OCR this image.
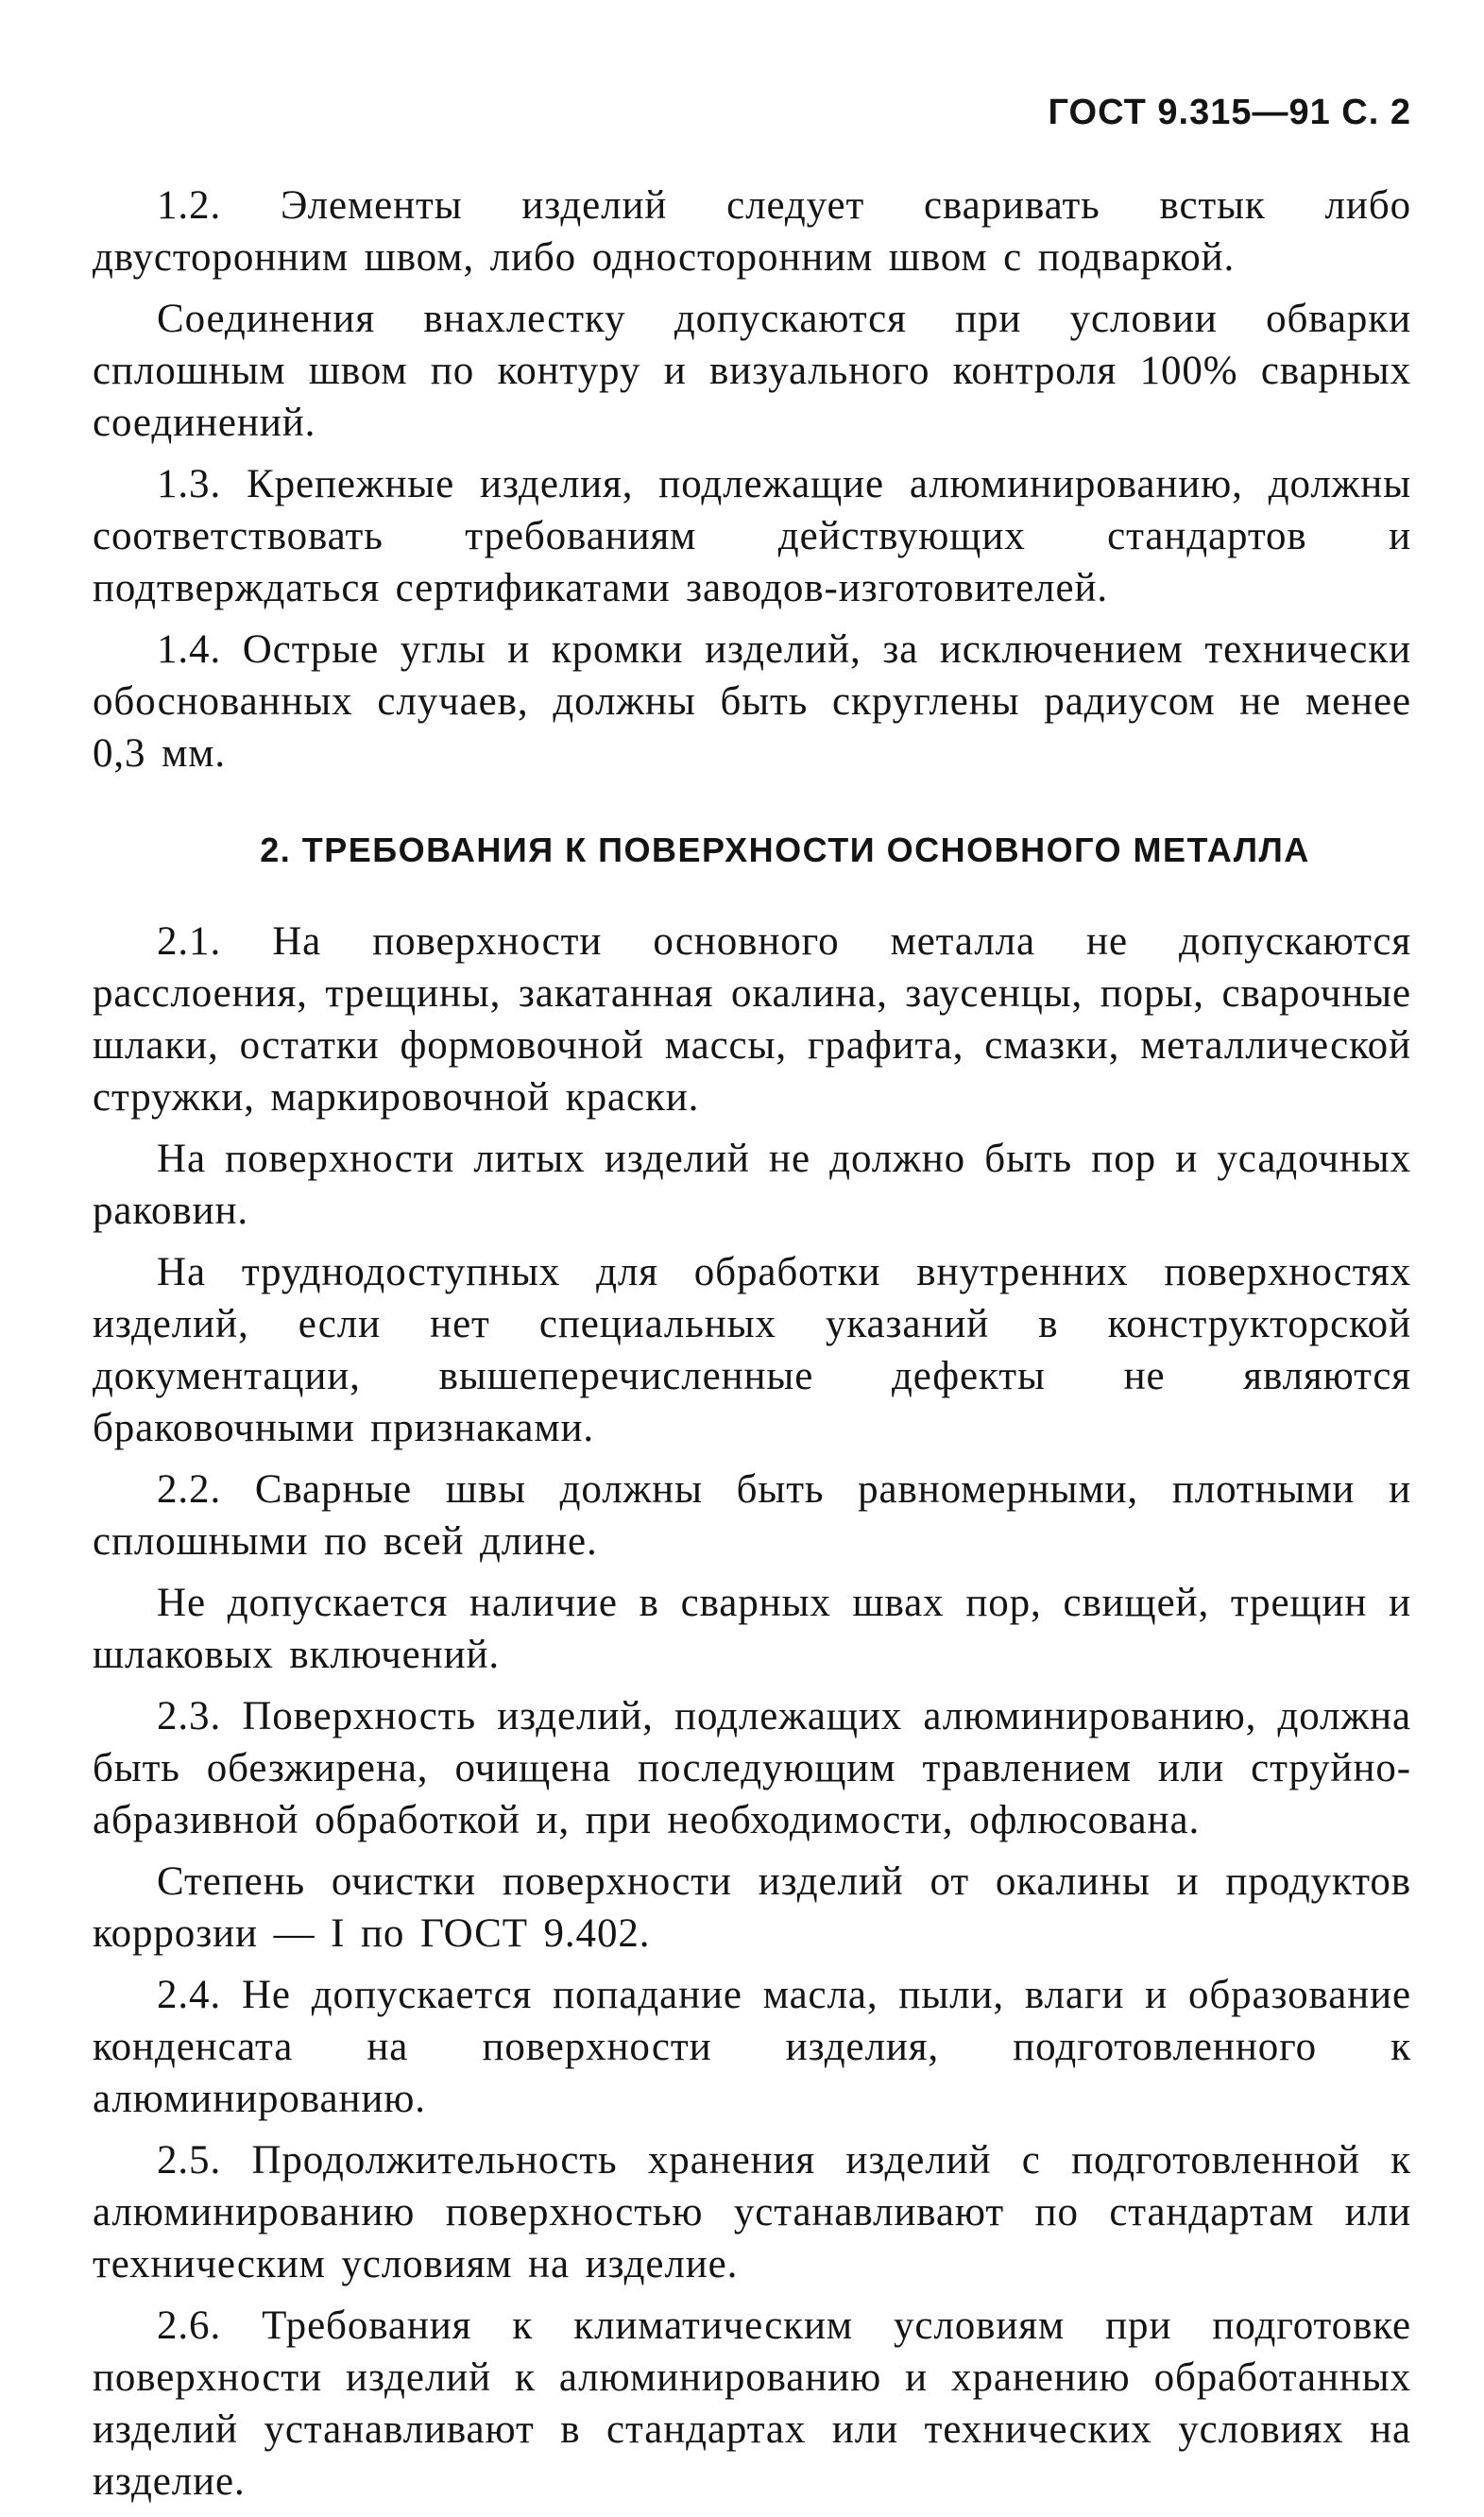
ГОСТ 9.315—91 С. 2

1.2. Элементы изделий следует сваривать встык либо двусторонним швом, либо односторонним швом с подваркой.

Соединения внахлестку допускаются при условии обварки сплошным швом по контуру и визуального контроля 100% сварных соединений.

1.3. Крепежные изделия, подлежащие алюминированию, должны соответствовать требованиям действующих стандартов и подтверждаться сертификатами заводов-изготовителей.

1.4. Острые углы и кромки изделий, за исключением технически обоснованных случаев, должны быть скруглены радиусом не менее 0,3 мм.

2. ТРЕБОВАНИЯ К ПОВЕРХНОСТИ ОСНОВНОГО МЕТАЛЛА

2.1. На поверхности основного металла не допускаются расслоения, трещины, закатанная окалина, заусенцы, поры, сварочные шлаки, остатки формовочной массы, графита, смазки, металлической стружки, маркировочной краски.

На поверхности литых изделий не должно быть пор и усадочных раковин.

На труднодоступных для обработки внутренних поверхностях изделий, если нет специальных указаний в конструкторской документации, вышеперечисленные дефекты не являются браковочными признаками.

2.2. Сварные швы должны быть равномерными, плотными и сплошными по всей длине.

Не допускается наличие в сварных швах пор, свищей, трещин и шлаковых включений.

2.3. Поверхность изделий, подлежащих алюминированию, должна быть обезжирена, очищена последующим травлением или струйно-абразивной обработкой и, при необходимости, офлюсована.

Степень очистки поверхности изделий от окалины и продуктов коррозии — I по ГОСТ 9.402.

2.4. Не допускается попадание масла, пыли, влаги и образование конденсата на поверхности изделия, подготовленного к алюминированию.

2.5. Продолжительность хранения изделий с подготовленной к алюминированию поверхностью устанавливают по стандартам или техническим условиям на изделие.

2.6. Требования к климатическим условиям при подготовке поверхности изделий к алюминированию и хранению обработанных изделий устанавливают в стандартах или технических условиях на изделие.
